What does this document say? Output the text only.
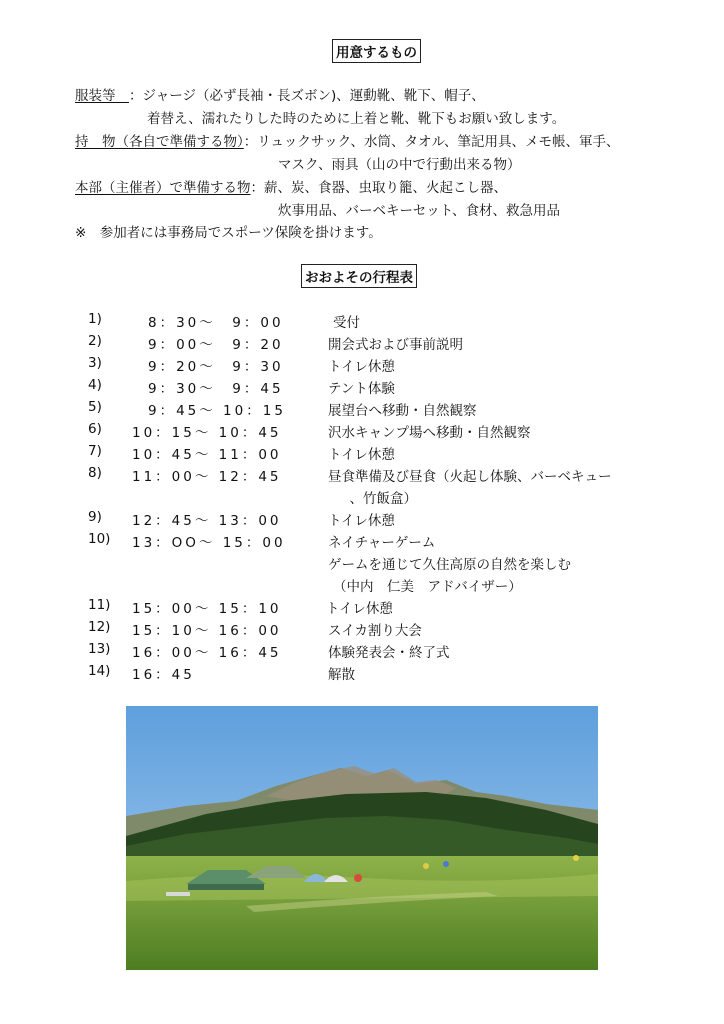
用意するもの
服装等　：ジャージ（必ず長袖・長ズボン)、運動靴、靴下、帽子、
着替え、濡れたりした時のために上着と靴、靴下もお願い致します。
持　物（各自で準備する物）：リュックサック、水筒、タオル、筆記用具、メモ帳、軍手、
マスク、雨具（山の中で行動出来る物）
本部（主催者）で準備する物：薪、炭、食器、虫取り籠、火起こし器、
炊事用品、バーベキーセット、食材、救急用品
※　参加者には事務局でスポーツ保険を掛けます。
おおよその行程表
1)	8：30～　9：00	受付
2)	9：00～　9：20	開会式および事前説明
3)	9：20～　9：30	トイレ休憩
4)	9：30～　9：45	テント体験
5)	9：45～ 10：15	展望台へ移動・自然観察
6) 10：15～ 10：45	沢水キャンプ場へ移動・自然観察
7) 10：45～ 11：00	トイレ休憩
8) 11：00～ 12：45	昼食準備及び昼食（火起し体験、バーベキュー
　、竹飯盒）
9) 12：45～ 13：00	トイレ休憩
10) 13：OO～ 15：00	ネイチャーゲーム
ゲームを通じて久住高原の自然を楽しむ
（中内　仁美　アドバイザー）
11) 15：00～ 15：10	トイレ休憩
12) 15：10～ 16：00	スイカ割り大会
13) 16：00～ 16：45	体験発表会・終了式
14) 16：45	解散
